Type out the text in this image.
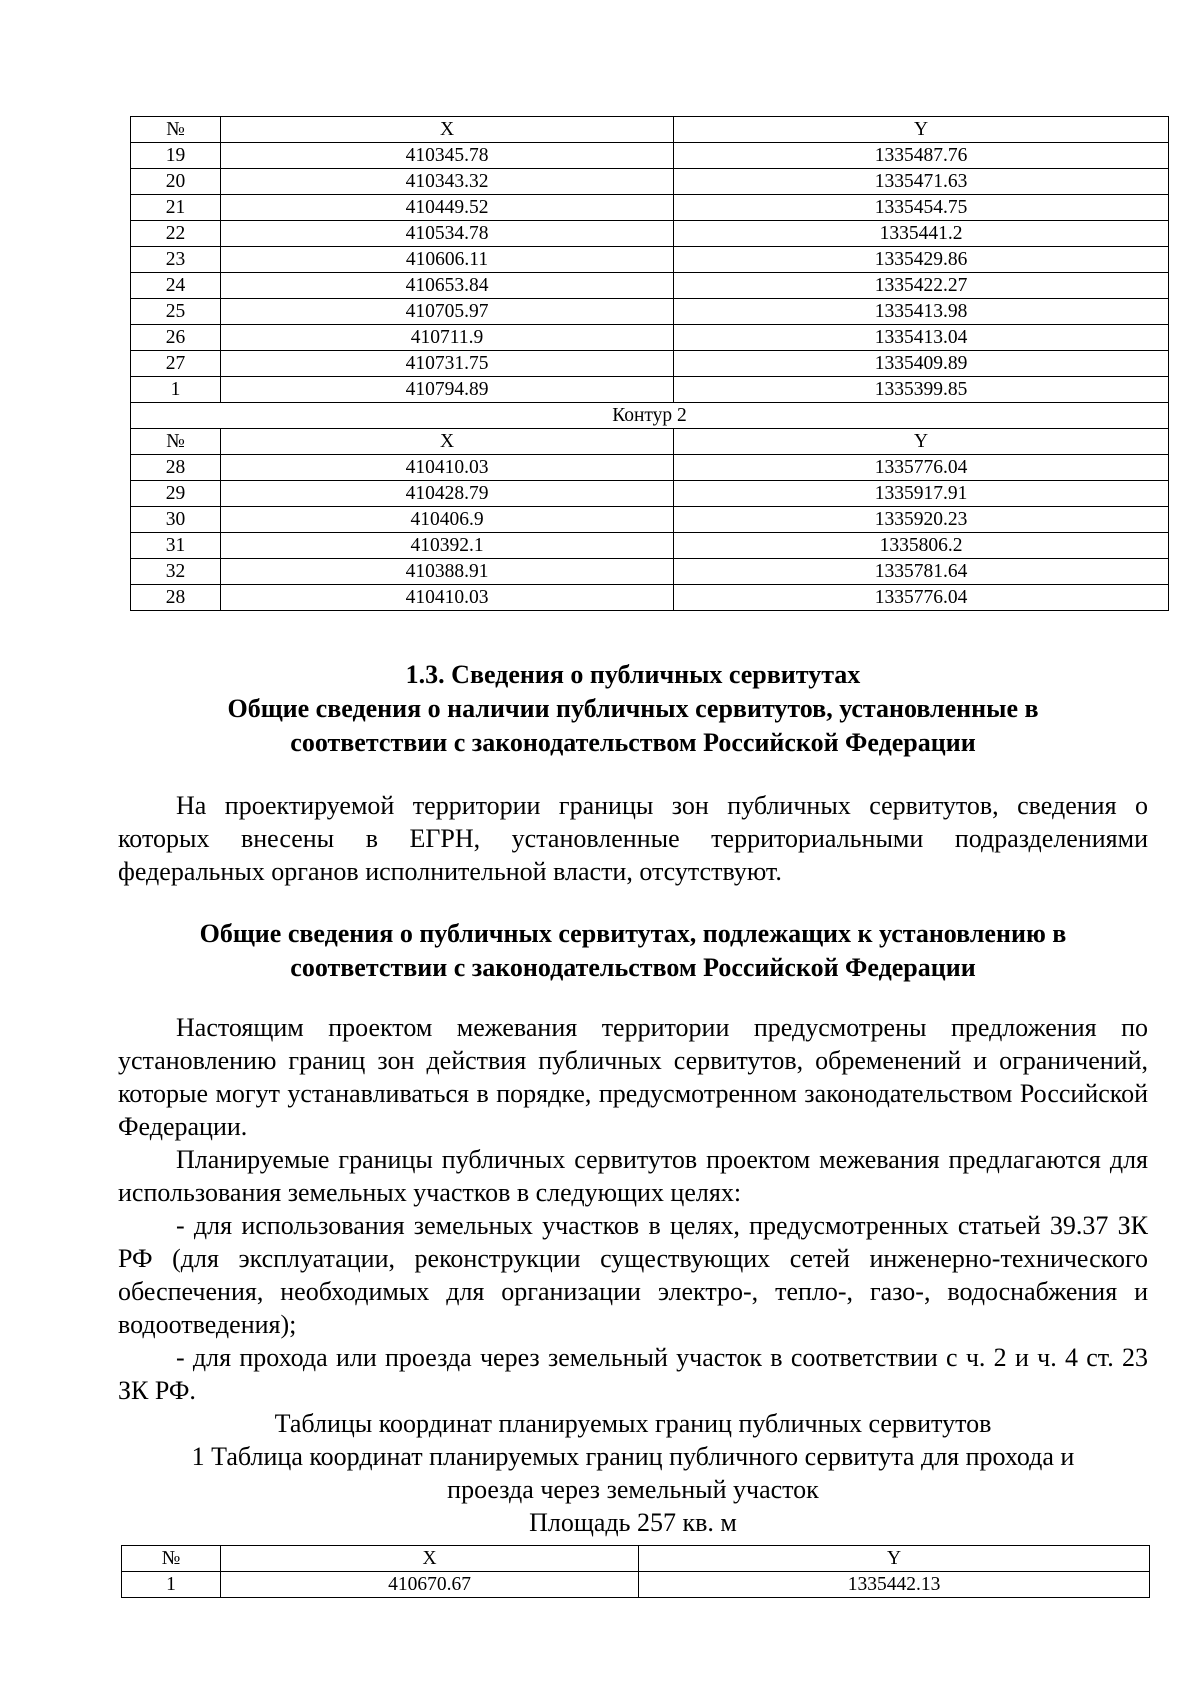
№	X	Y
19	410345.78	1335487.76
20	410343.32	1335471.63
21	410449.52	1335454.75
22	410534.78	1335441.2
23	410606.11	1335429.86
24	410653.84	1335422.27
25	410705.97	1335413.98
26	410711.9	1335413.04
27	410731.75	1335409.89
1	410794.89	1335399.85
Контур 2		
№	X	Y
28	410410.03	1335776.04
29	410428.79	1335917.91
30	410406.9	1335920.23
31	410392.1	1335806.2
32	410388.91	1335781.64
28	410410.03	1335776.04

1.3. Сведения о публичных сервитутах

Общие сведения о наличии публичных сервитутов, установленные в

соответствии с законодательством Российской Федерации

На проектируемой территории границы зон публичных сервитутов, сведения о которых внесены в ЕГРН, установленные территориальными подразделениями федеральных органов исполнительной власти, отсутствуют.

Общие сведения о публичных сервитутах, подлежащих к установлению в

соответствии с законодательством Российской Федерации

Настоящим проектом межевания территории предусмотрены предложения по установлению границ зон действия публичных сервитутов, обременений и ограничений, которые могут устанавливаться в порядке, предусмотренном законодательством Российской Федерации.

Планируемые границы публичных сервитутов проектом межевания предлагаются для использования земельных участков в следующих целях:

- для использования земельных участков в целях, предусмотренных статьей 39.37 ЗК РФ (для эксплуатации, реконструкции существующих сетей инженерно-технического обеспечения, необходимых для организации электро-, тепло-, газо-, водоснабжения и водоотведения);

- для прохода или проезда через земельный участок в соответствии с ч. 2 и ч. 4 ст. 23 ЗК РФ.

Таблицы координат планируемых границ публичных сервитутов

1 Таблица координат планируемых границ публичного сервитута для прохода и

проезда через земельный участок

Площадь 257 кв. м

№	X	Y
1	410670.67	1335442.13
